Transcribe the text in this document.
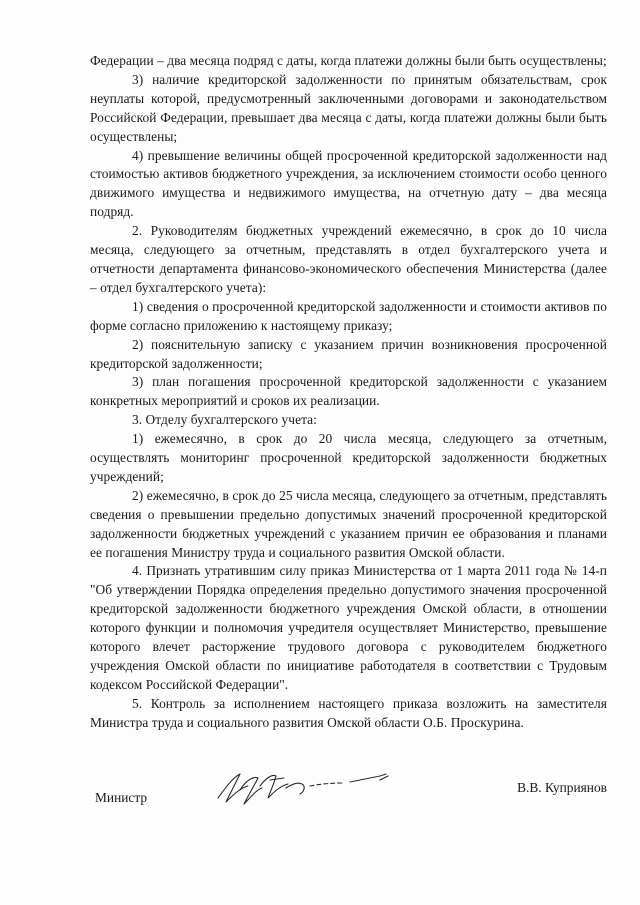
Федерации – два месяца подряд с даты, когда платежи должны были быть осуществлены;

3) наличие кредиторской задолженности по принятым обязательствам, срок неуплаты которой, предусмотренный заключенными договорами и законодательством Российской Федерации, превышает два месяца с даты, когда платежи должны были быть осуществлены;

4) превышение величины общей просроченной кредиторской задолженности над стоимостью активов бюджетного учреждения, за исключением стоимости особо ценного движимого имущества и недвижимого имущества, на отчетную дату – два месяца подряд.

2. Руководителям бюджетных учреждений ежемесячно, в срок до 10 числа месяца, следующего за отчетным, представлять в отдел бухгалтерского учета и отчетности департамента финансово-экономического обеспечения Министерства (далее – отдел бухгалтерского учета):

1) сведения о просроченной кредиторской задолженности и стоимости активов по форме согласно приложению к настоящему приказу;

2) пояснительную записку с указанием причин возникновения просроченной кредиторской задолженности;

3) план погашения просроченной кредиторской задолженности с указанием конкретных мероприятий и сроков их реализации.

3. Отделу бухгалтерского учета:

1) ежемесячно, в срок до 20 числа месяца, следующего за отчетным, осуществлять мониторинг просроченной кредиторской задолженности бюджетных учреждений;

2) ежемесячно, в срок до 25 числа месяца, следующего за отчетным, представлять сведения о превышении предельно допустимых значений просроченной кредиторской задолженности бюджетных учреждений с указанием причин ее образования и планами ее погашения Министру труда и социального развития Омской области.

4. Признать утратившим силу приказ Министерства от 1 марта 2011 года № 14-п "Об утверждении Порядка определения предельно допустимого значения просроченной кредиторской задолженности бюджетного учреждения Омской области, в отношении которого функции и полномочия учредителя осуществляет Министерство, превышение которого влечет расторжение трудового договора с руководителем бюджетного учреждения Омской области по инициативе работодателя в соответствии с Трудовым кодексом Российской Федерации".

5. Контроль за исполнением настоящего приказа возложить на заместителя Министра труда и социального развития Омской области О.Б. Проскурина.

Министр
В.В. Куприянов
